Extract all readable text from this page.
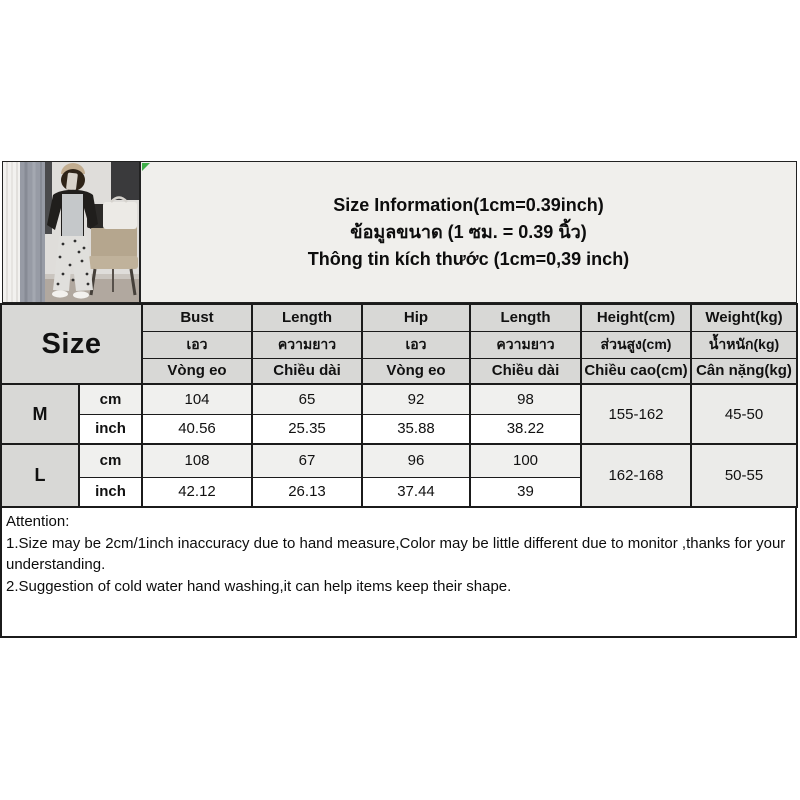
Size Information(1cm=0.39inch)
ข้อมูลขนาด (1 ซม. = 0.39 นิ้ว)
Thông tin kích thước (1cm=0,39 inch)
Size		Bust	Length	Hip	Length	Height(cm)	Weight(kg)
		เอว	ความยาว	เอว	ความยาว	ส่วนสูง(cm)	น้ำหนัก(kg)
		Vòng eo	Chiều dài	Vòng eo	Chiều dài	Chiều cao(cm)	Cân nặng(kg)
M	cm	104	65	92	98	155-162	45-50
	inch	40.56	25.35	35.88	38.22		
L	cm	108	67	96	100	162-168	50-55
	inch	42.12	26.13	37.44	39		
Attention:
1.Size may be 2cm/1inch inaccuracy due to hand measure,Color may be little different due to monitor ,thanks for your understanding.
2.Suggestion of cold water hand washing,it can help items keep their shape.
